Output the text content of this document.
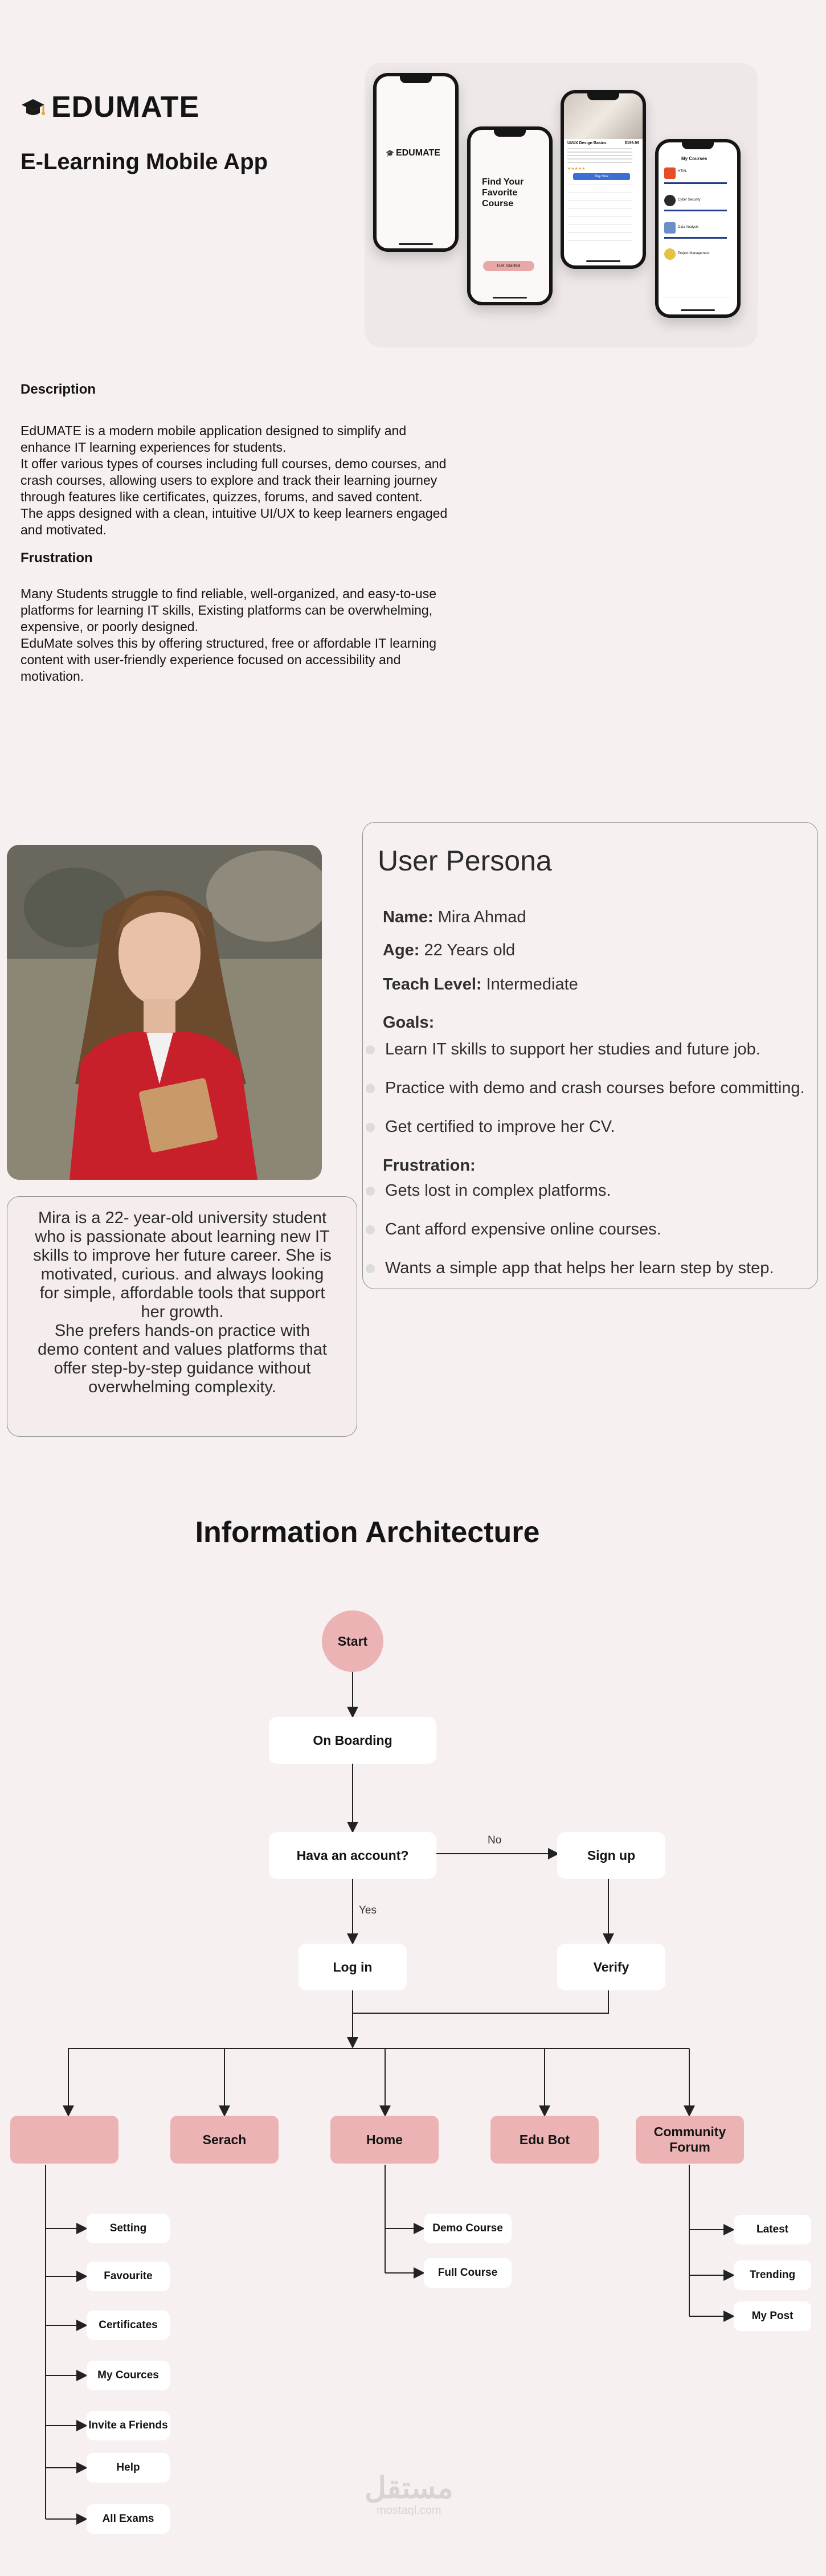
EDUMATE
E-Learning Mobile App	🎓 EDUMATE
Find Your Favorite Course
Get Started
UI/UX Design Basics	$199.99
★★★★★
Buy Now
My Courses
HTML
Cyber Security
Data Analysis
Project Management
Description

EdUMATE is a modern mobile application designed to simplify and

enhance IT learning experiences for students.

It offer various types of courses including full courses, demo courses, and

crash courses, allowing users to explore and track their learning journey

through features like certificates, quizzes, forums, and saved content.

The apps designed with a clean, intuitive UI/UX to keep learners engaged

and motivated.

Frustration

Many Students struggle to find reliable, well-organized, and easy-to-use

platforms for learning IT skills, Existing platforms can be overwhelming,

expensive, or poorly designed.

EduMate solves this by offering structured, free or affordable IT learning

content with user-friendly experience focused on accessibility and

motivation.

User Persona
Name: Mira Ahmad
Age: 22 Years old
Teach Level: Intermediate
Goals:
Learn IT skills to support her studies and future job.
Practice with demo and crash courses before committing.
Get certified to improve her CV.
Frustration:
Gets lost in complex platforms.
Cant afford expensive online courses.
Wants a simple app that helps her learn step by step.
Mira is a 22- year-old university student
who is passionate about learning new IT
skills to improve her future career. She is
motivated, curious. and always looking
for simple, affordable tools that support
her growth.
She prefers hands-on practice with
demo content and values platforms that
offer step-by-step guidance without
overwhelming complexity.
Information Architecture
Start
On Boarding
Hava an account?
No
Yes
Sign up
Log in	Verify
Serach	Home	Edu Bot
Community Forum
Setting
Favourite
Certificates
My Cources
Invite a Friends
Help
All Exams
Demo Course
Full Course
Latest
Trending
My Post
مستقل
mostaql.com
